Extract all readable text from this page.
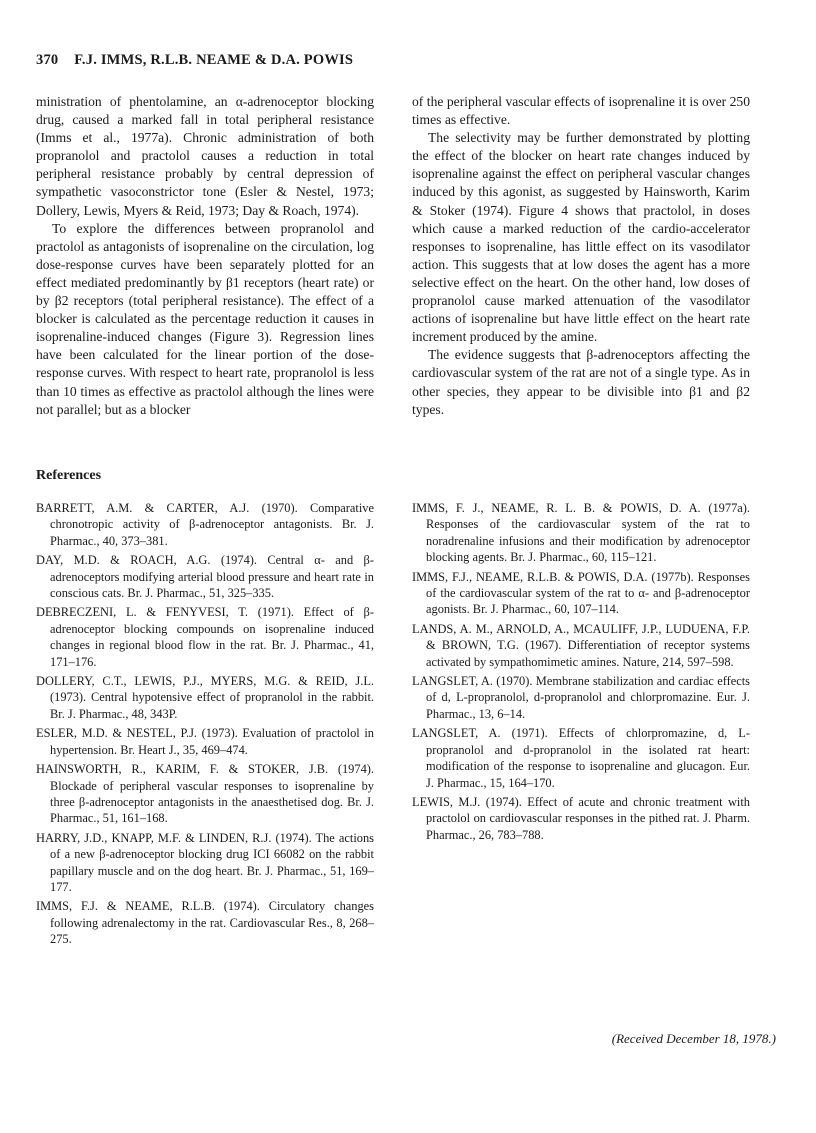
370 F.J. IMMS, R.L.B. NEAME & D.A. POWIS

ministration of phentolamine, an α-adrenoceptor blocking drug, caused a marked fall in total peripheral resistance (Imms et al., 1977a). Chronic administration of both propranolol and practolol causes a reduction in total peripheral resistance probably by central depression of sympathetic vasoconstrictor tone (Esler & Nestel, 1973; Dollery, Lewis, Myers & Reid, 1973; Day & Roach, 1974).

To explore the differences between propranolol and practolol as antagonists of isoprenaline on the circulation, log dose-response curves have been separately plotted for an effect mediated predominantly by β1 receptors (heart rate) or by β2 receptors (total peripheral resistance). The effect of a blocker is calculated as the percentage reduction it causes in isoprenaline-induced changes (Figure 3). Regression lines have been calculated for the linear portion of the dose-response curves. With respect to heart rate, propranolol is less than 10 times as effective as practolol although the lines were not parallel; but as a blocker

of the peripheral vascular effects of isoprenaline it is over 250 times as effective.

The selectivity may be further demonstrated by plotting the effect of the blocker on heart rate changes induced by isoprenaline against the effect on peripheral vascular changes induced by this agonist, as suggested by Hainsworth, Karim & Stoker (1974). Figure 4 shows that practolol, in doses which cause a marked reduction of the cardio-accelerator responses to isoprenaline, has little effect on its vasodilator action. This suggests that at low doses the agent has a more selective effect on the heart. On the other hand, low doses of propranolol cause marked attenuation of the vasodilator actions of isoprenaline but have little effect on the heart rate increment produced by the amine.

The evidence suggests that β-adrenoceptors affecting the cardiovascular system of the rat are not of a single type. As in other species, they appear to be divisible into β1 and β2 types.

References

BARRETT, A.M. & CARTER, A.J. (1970). Comparative chronotropic activity of β-adrenoceptor antagonists. Br. J. Pharmac., 40, 373–381.

DAY, M.D. & ROACH, A.G. (1974). Central α- and β-adrenoceptors modifying arterial blood pressure and heart rate in conscious cats. Br. J. Pharmac., 51, 325–335.

DEBRECZENI, L. & FENYVESI, T. (1971). Effect of β-adrenoceptor blocking compounds on isoprenaline induced changes in regional blood flow in the rat. Br. J. Pharmac., 41, 171–176.

DOLLERY, C.T., LEWIS, P.J., MYERS, M.G. & REID, J.L. (1973). Central hypotensive effect of propranolol in the rabbit. Br. J. Pharmac., 48, 343P.

ESLER, M.D. & NESTEL, P.J. (1973). Evaluation of practolol in hypertension. Br. Heart J., 35, 469–474.

HAINSWORTH, R., KARIM, F. & STOKER, J.B. (1974). Blockade of peripheral vascular responses to isoprenaline by three β-adrenoceptor antagonists in the anaesthetised dog. Br. J. Pharmac., 51, 161–168.

HARRY, J.D., KNAPP, M.F. & LINDEN, R.J. (1974). The actions of a new β-adrenoceptor blocking drug ICI 66082 on the rabbit papillary muscle and on the dog heart. Br. J. Pharmac., 51, 169–177.

IMMS, F.J. & NEAME, R.L.B. (1974). Circulatory changes following adrenalectomy in the rat. Cardiovascular Res., 8, 268–275.

IMMS, F. J., NEAME, R. L. B. & POWIS, D. A. (1977a). Responses of the cardiovascular system of the rat to noradrenaline infusions and their modification by adrenoceptor blocking agents. Br. J. Pharmac., 60, 115–121.

IMMS, F.J., NEAME, R.L.B. & POWIS, D.A. (1977b). Responses of the cardiovascular system of the rat to α- and β-adrenoceptor agonists. Br. J. Pharmac., 60, 107–114.

LANDS, A. M., ARNOLD, A., MCAULIFF, J.P., LUDUENA, F.P. & BROWN, T.G. (1967). Differentiation of receptor systems activated by sympathomimetic amines. Nature, 214, 597–598.

LANGSLET, A. (1970). Membrane stabilization and cardiac effects of d, L-propranolol, d-propranolol and chlorpromazine. Eur. J. Pharmac., 13, 6–14.

LANGSLET, A. (1971). Effects of chlorpromazine, d, L-propranolol and d-propranolol in the isolated rat heart: modification of the response to isoprenaline and glucagon. Eur. J. Pharmac., 15, 164–170.

LEWIS, M.J. (1974). Effect of acute and chronic treatment with practolol on cardiovascular responses in the pithed rat. J. Pharm. Pharmac., 26, 783–788.

(Received December 18, 1978.)
